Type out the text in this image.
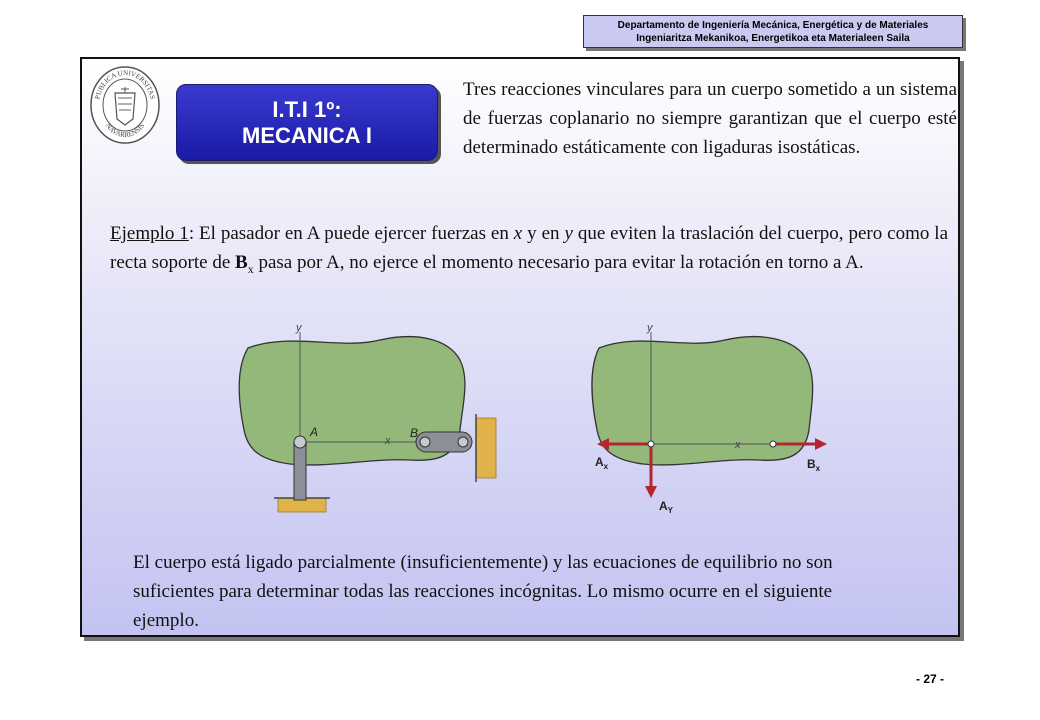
Departamento de Ingeniería Mecánica, Energética y de Materiales
Ingeniaritza Mekanikoa, Energetikoa eta Materialeen Saila
PUBLICA UNIVERSITAS
NAVARRENSIS
I.T.I 1º:
MECANICA I
Tres reacciones vinculares para un cuerpo sometido a un sistema de fuerzas coplanario no siempre garantizan que el cuerpo esté determinado estáticamente con ligaduras isostáticas.
Ejemplo 1: El pasador en A puede ejercer fuerzas en x y en y que eviten la traslación del cuerpo, pero como la recta soporte de $B_x$ pasa por A, no ejerce el momento necesario para evitar la rotación en torno a A.
y
x
A	B
y
x
$A_x$
$A_Y$
$B_x$
El cuerpo está ligado parcialmente (insuficientemente) y las ecuaciones de equilibrio no son suficientes para determinar todas las reacciones incógnitas. Lo mismo ocurre en el siguiente ejemplo.
- 27 -
